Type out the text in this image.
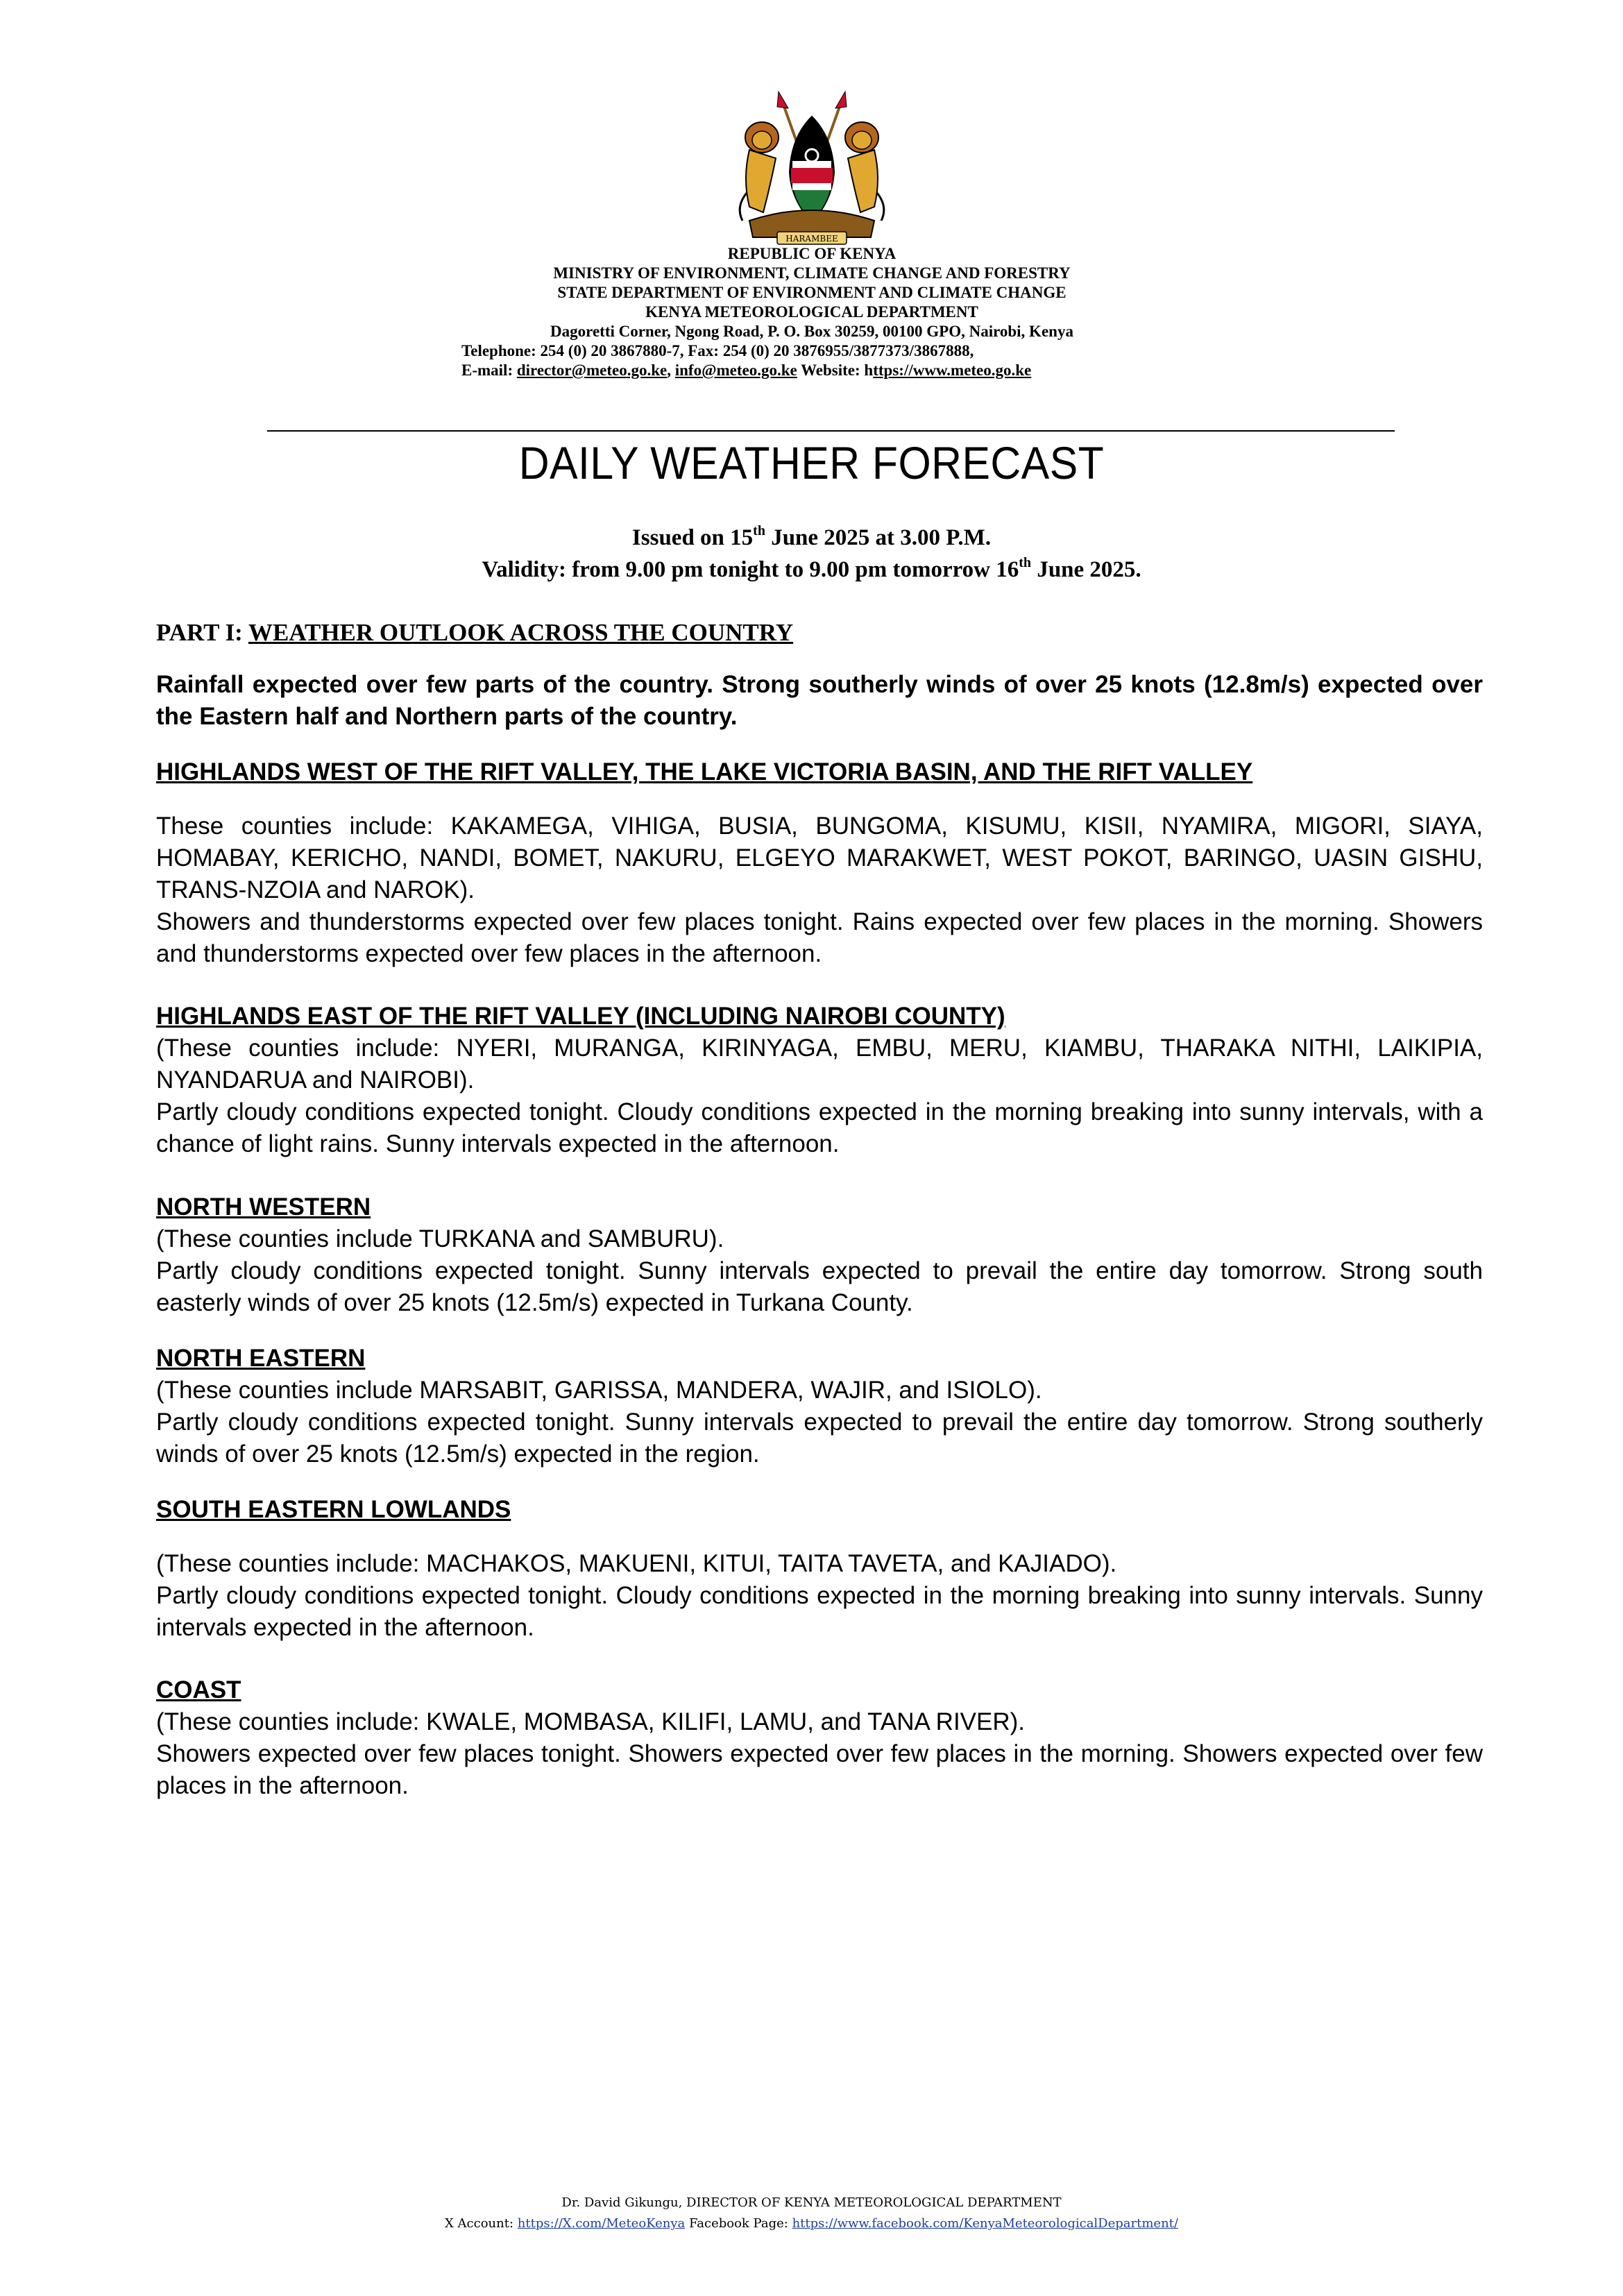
HARAMBEE
REPUBLIC OF KENYA
MINISTRY OF ENVIRONMENT, CLIMATE CHANGE AND FORESTRY
STATE DEPARTMENT OF ENVIRONMENT AND CLIMATE CHANGE
KENYA METEOROLOGICAL DEPARTMENT
Dagoretti Corner, Ngong Road, P. O. Box 30259, 00100 GPO, Nairobi, Kenya
Telephone: 254 (0) 20 3867880-7, Fax: 254 (0) 20 3876955/3877373/3867888,
E-mail: director@meteo.go.ke, info@meteo.go.ke Website: https://www.meteo.go.ke
DAILY WEATHER FORECAST
Issued on 15th June 2025 at 3.00 P.M.
Validity: from 9.00 pm tonight to 9.00 pm tomorrow 16th June 2025.
PART I: WEATHER OUTLOOK ACROSS THE COUNTRY
Rainfall expected over few parts of the country. Strong southerly winds of over 25 knots (12.8m/s) expected over the Eastern half and Northern parts of the country.
HIGHLANDS WEST OF THE RIFT VALLEY, THE LAKE VICTORIA BASIN, AND THE RIFT VALLEY

These counties include: KAKAMEGA, VIHIGA, BUSIA, BUNGOMA, KISUMU, KISII, NYAMIRA, MIGORI, SIAYA, HOMABAY, KERICHO, NANDI, BOMET, NAKURU, ELGEYO MARAKWET, WEST POKOT, BARINGO, UASIN GISHU, TRANS-NZOIA and NAROK).

Showers and thunderstorms expected over few places tonight. Rains expected over few places in the morning. Showers and thunderstorms expected over few places in the afternoon.

HIGHLANDS EAST OF THE RIFT VALLEY (INCLUDING NAIROBI COUNTY)

(These counties include: NYERI, MURANGA, KIRINYAGA, EMBU, MERU, KIAMBU, THARAKA NITHI, LAIKIPIA, NYANDARUA and NAIROBI).

Partly cloudy conditions expected tonight. Cloudy conditions expected in the morning breaking into sunny intervals, with a chance of light rains. Sunny intervals expected in the afternoon.

NORTH WESTERN

(These counties include TURKANA and SAMBURU).

Partly cloudy conditions expected tonight. Sunny intervals expected to prevail the entire day tomorrow. Strong south easterly winds of over 25 knots (12.5m/s) expected in Turkana County.

NORTH EASTERN

(These counties include MARSABIT, GARISSA, MANDERA, WAJIR, and ISIOLO).

Partly cloudy conditions expected tonight. Sunny intervals expected to prevail the entire day tomorrow. Strong southerly winds of over 25 knots (12.5m/s) expected in the region.

SOUTH EASTERN LOWLANDS

(These counties include: MACHAKOS, MAKUENI, KITUI, TAITA TAVETA, and KAJIADO).

Partly cloudy conditions expected tonight. Cloudy conditions expected in the morning breaking into sunny intervals. Sunny intervals expected in the afternoon.

COAST

(These counties include: KWALE, MOMBASA, KILIFI, LAMU, and TANA RIVER).

Showers expected over few places tonight. Showers expected over few places in the morning. Showers expected over few places in the afternoon.

Dr. David Gikungu, DIRECTOR OF KENYA METEOROLOGICAL DEPARTMENT
X Account: https://X.com/MeteoKenya Facebook Page: https://www.facebook.com/KenyaMeteorologicalDepartment/
